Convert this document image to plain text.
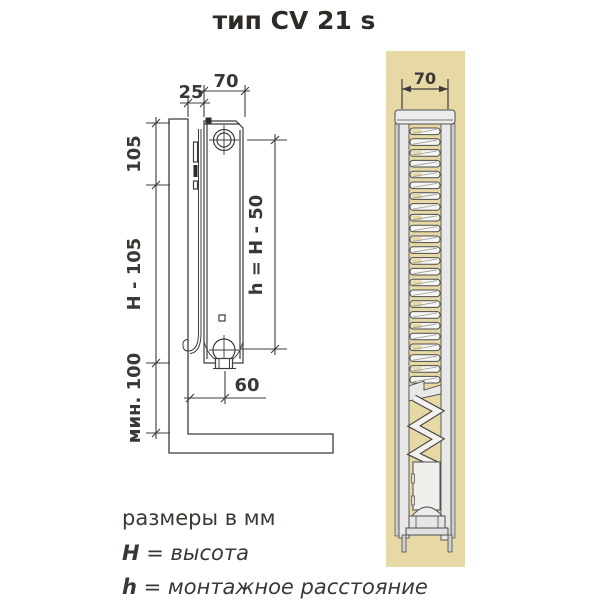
тип CV 21 s
70
25
105
H - 105
мин. 100
h = H - 50
60
70
размеры в мм
H = высота
h = монтажное расстояние
